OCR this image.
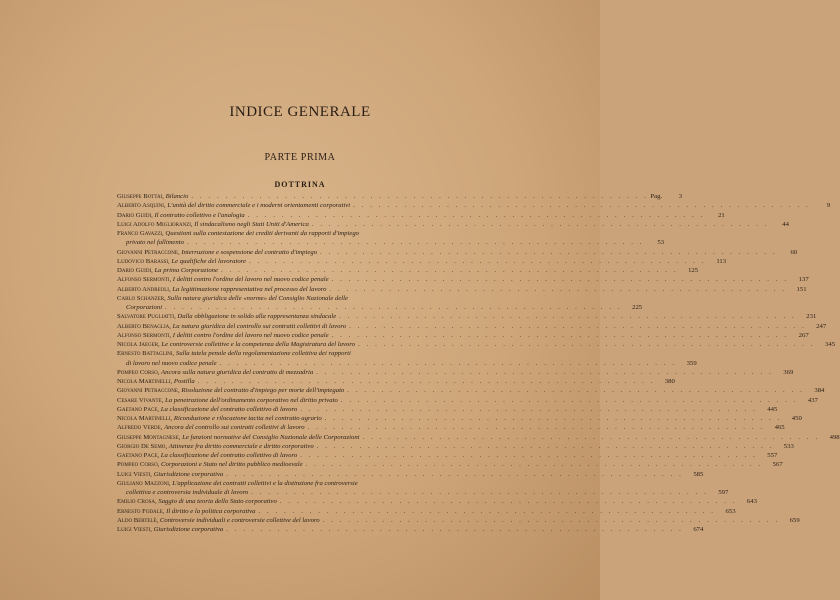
INDICE GENERALE
PARTE PRIMA
DOTTRINA
Giuseppe Bottai, Bilancio . . . . . . . . . . . . . . . . . . . . . . . . . . . . . . . . . . . . . . . . . . . . . . . . . . . . . . Pag.	3
Alberto Asquini, L'unità del diritto commerciale e i moderni orientamenti corporativi . . . . . . . . . . . . . . . . . . . . . . . . . . . . . . . . . . . . . . . . . . . . . . . . . . . . . .	9
Dario Guidi, Il contratto collettivo e l'analogia . . . . . . . . . . . . . . . . . . . . . . . . . . . . . . . . . . . . . . . . . . . . . . . . . . . . . .	21
Luigi Adolfo Miglioranzi, Il sindacalismo negli Stati Uniti d'America . . . . . . . . . . . . . . . . . . . . . . . . . . . . . . . . . . . . . . . . . . . . . . . . . . . . . .	44
Franco Gavazzi, Questioni sulla contestazione dei crediti derivanti da rapporti d'impiego
privato nel fallimento . . . . . . . . . . . . . . . . . . . . . . . . . . . . . . . . . . . . . . . . . . . . . . . . . . . . . .	53
Giovanni Petraccone, Interruzione e sospensione del contratto d'impiego . . . . . . . . . . . . . . . . . . . . . . . . . . . . . . . . . . . . . . . . . . . . . . . . . . . . . .	60
Ludovico Barassi, Le qualifiche del lavoratore . . . . . . . . . . . . . . . . . . . . . . . . . . . . . . . . . . . . . . . . . . . . . . . . . . . . . .	113
Dario Guidi, La prima Corporazione . . . . . . . . . . . . . . . . . . . . . . . . . . . . . . . . . . . . . . . . . . . . . . . . . . . . . .	125
Alfonso Sermonti, I delitti contro l'ordine del lavoro nel nuovo codice penale . . . . . . . . . . . . . . . . . . . . . . . . . . . . . . . . . . . . . . . . . . . . . . . . . . . . . .	137
Alberto Andreoli, La legittimazione rappresentativa nel processo del lavoro . . . . . . . . . . . . . . . . . . . . . . . . . . . . . . . . . . . . . . . . . . . . . . . . . . . . . .	151
Carlo Schanzer, Sulla natura giuridica delle «norme» del Consiglio Nazionale delle
Corporazioni . . . . . . . . . . . . . . . . . . . . . . . . . . . . . . . . . . . . . . . . . . . . . . . . . . . . . .	225
Salvatore Pugliatti, Dalla obbligazione in solido alla rappresentanza sindacale . . . . . . . . . . . . . . . . . . . . . . . . . . . . . . . . . . . . . . . . . . . . . . . . . . . . . .	231
Alberto Benaglia, La natura giuridica del controllo sui contratti collettivi di lavoro . . . . . . . . . . . . . . . . . . . . . . . . . . . . . . . . . . . . . . . . . . . . . . . . . . . . . .	247
Alfonso Sermonti, I delitti contro l'ordine del lavoro nel nuovo codice penale . . . . . . . . . . . . . . . . . . . . . . . . . . . . . . . . . . . . . . . . . . . . . . . . . . . . . .	267
Nicola Jaeger, Le controversie collettive e la competenza della Magistratura del lavoro . . . . . . . . . . . . . . . . . . . . . . . . . . . . . . . . . . . . . . . . . . . . . . . . . . . . . .	345
Ernesto Battaglini, Sulla tutela penale della regolamentazione collettiva dei rapporti
di lavoro nel nuovo codice penale . . . . . . . . . . . . . . . . . . . . . . . . . . . . . . . . . . . . . . . . . . . . . . . . . . . . . .	359
Pompeo Corso, Ancora sulla natura giuridica del contratto di mezzadria . . . . . . . . . . . . . . . . . . . . . . . . . . . . . . . . . . . . . . . . . . . . . . . . . . . . . .	369
Nicola Martinelli, Postilla . . . . . . . . . . . . . . . . . . . . . . . . . . . . . . . . . . . . . . . . . . . . . . . . . . . . . .	380
Giovanni Petraccone, Risoluzione del contratto d'impiego per morte dell'impiegato . . . . . . . . . . . . . . . . . . . . . . . . . . . . . . . . . . . . . . . . . . . . . . . . . . . . . .	384
Cesare Vivante, La penetrazione dell'ordinamento corporativo nel diritto privato . . . . . . . . . . . . . . . . . . . . . . . . . . . . . . . . . . . . . . . . . . . . . . . . . . . . . .	437
Gaetano Pace, La classificazione del contratto collettivo di lavoro . . . . . . . . . . . . . . . . . . . . . . . . . . . . . . . . . . . . . . . . . . . . . . . . . . . . . .	445
Nicola Martinelli, Riconduzione e rilocazione tacita nel contratto agrario . . . . . . . . . . . . . . . . . . . . . . . . . . . . . . . . . . . . . . . . . . . . . . . . . . . . . .	450
Alfredo Verde, Ancora del controllo sui contratti collettivi di lavoro . . . . . . . . . . . . . . . . . . . . . . . . . . . . . . . . . . . . . . . . . . . . . . . . . . . . . .	465
Giuseppe Montagnese, Le funzioni normative del Consiglio Nazionale delle Corporazioni . . . . . . . . . . . . . . . . . . . . . . . . . . . . . . . . . . . . . . . . . . . . . . . . . . . . . .	498
Giorgio De Semo, Attinenze fra diritto commerciale e diritto corporativo . . . . . . . . . . . . . . . . . . . . . . . . . . . . . . . . . . . . . . . . . . . . . . . . . . . . . .	533
Gaetano Pace, La classificazione del contratto collettivo di lavoro . . . . . . . . . . . . . . . . . . . . . . . . . . . . . . . . . . . . . . . . . . . . . . . . . . . . . .	557
Pompeo Corso, Corporazioni e Stato nel diritto pubblico medioevale . . . . . . . . . . . . . . . . . . . . . . . . . . . . . . . . . . . . . . . . . . . . . . . . . . . . . .	567
Luigi Viesti, Giurisdizione corporativa . . . . . . . . . . . . . . . . . . . . . . . . . . . . . . . . . . . . . . . . . . . . . . . . . . . . . .	585
Giuliano Mazzoni, L'applicazione dei contratti collettivi e la distinzione fra controversie
collettiva e controversia individuale di lavoro . . . . . . . . . . . . . . . . . . . . . . . . . . . . . . . . . . . . . . . . . . . . . . . . . . . . . .	597
Emilio Crosa, Saggio di una teoria dello Stato corporativo . . . . . . . . . . . . . . . . . . . . . . . . . . . . . . . . . . . . . . . . . . . . . . . . . . . . . .	643
Ernesto Fodale, Il diritto e la politica corporativa . . . . . . . . . . . . . . . . . . . . . . . . . . . . . . . . . . . . . . . . . . . . . . . . . . . . . .	653
Aldo Bertelè, Controversie individuali e controversie collettive del lavoro . . . . . . . . . . . . . . . . . . . . . . . . . . . . . . . . . . . . . . . . . . . . . . . . . . . . . .	659
Luigi Viesti, Giurisdizione corporativa . . . . . . . . . . . . . . . . . . . . . . . . . . . . . . . . . . . . . . . . . . . . . . . . . . . . . .	674
